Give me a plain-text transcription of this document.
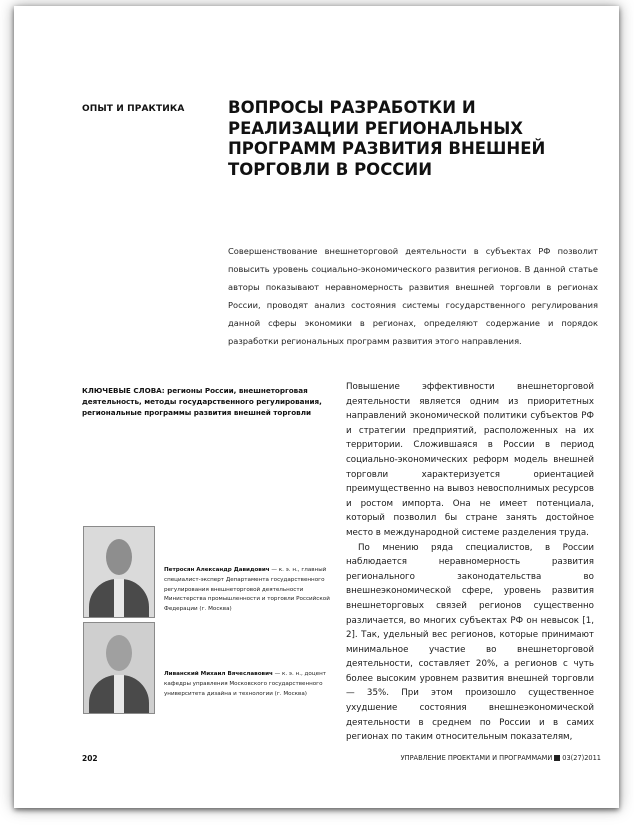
ОПЫТ И ПРАКТИКА	ВОПРОСЫ РАЗРАБОТКИ И РЕАЛИЗАЦИИ РЕГИОНАЛЬНЫХ ПРОГРАММ РАЗВИТИЯ ВНЕШНЕЙ ТОРГОВЛИ В РОССИИ

Совершенствование внешнеторговой деятельности в субъектах РФ позволит повысить уровень социально-экономического развития регионов. В данной статье авторы показывают неравномерность развития внешней торговли в регионах России, проводят анализ состояния системы государственного регулирования данной сферы экономики в регионах, определяют содержание и порядок разработки региональных программ развития этого направления.

КЛЮЧЕВЫЕ СЛОВА: регионы России, внешнеторговая деятельность, методы государственного регулирования, региональные программы развития внешней торговли
Петросян Александр Давидович — к. э. н., главный специалист-эксперт Департамента государственного регулирования внешнеторговой деятельности Министерства промышленности и торговли Российской Федерации (г. Москва)
Ливанский Михаил Вячеславович — к. э. н., доцент кафедры управления Московского государственного университета дизайна и технологии (г. Москва)

Повышение эффективности внешнеторговой деятельности является одним из приоритетных направлений экономической политики субъектов РФ и стратегии предприятий, расположенных на их территории. Сложившаяся в России в период социально-экономических реформ модель внешней торговли характеризуется ориентацией преимущественно на вывоз невосполнимых ресурсов и ростом импорта. Она не имеет потенциала, который позволил бы стране занять достойное место в международной системе разделения труда.

По мнению ряда специалистов, в России наблюдается неравномерность развития регионального законодательства во внешнеэкономической сфере, уровень развития внешнеторговых связей регионов существенно различается, во многих субъектах РФ он невысок [1, 2]. Так, удельный вес регионов, которые принимают минимальное участие во внешнеторговой деятельности, составляет 20%, а регионов с чуть более высоким уровнем развития внешней торговли — 35%. При этом произошло существенное ухудшение состояния внешнеэкономической деятельности в среднем по России и в самих регионах по таким относительным показателям,

202	УПРАВЛЕНИЕ ПРОЕКТАМИ И ПРОГРАММАМИ 03(27)2011
